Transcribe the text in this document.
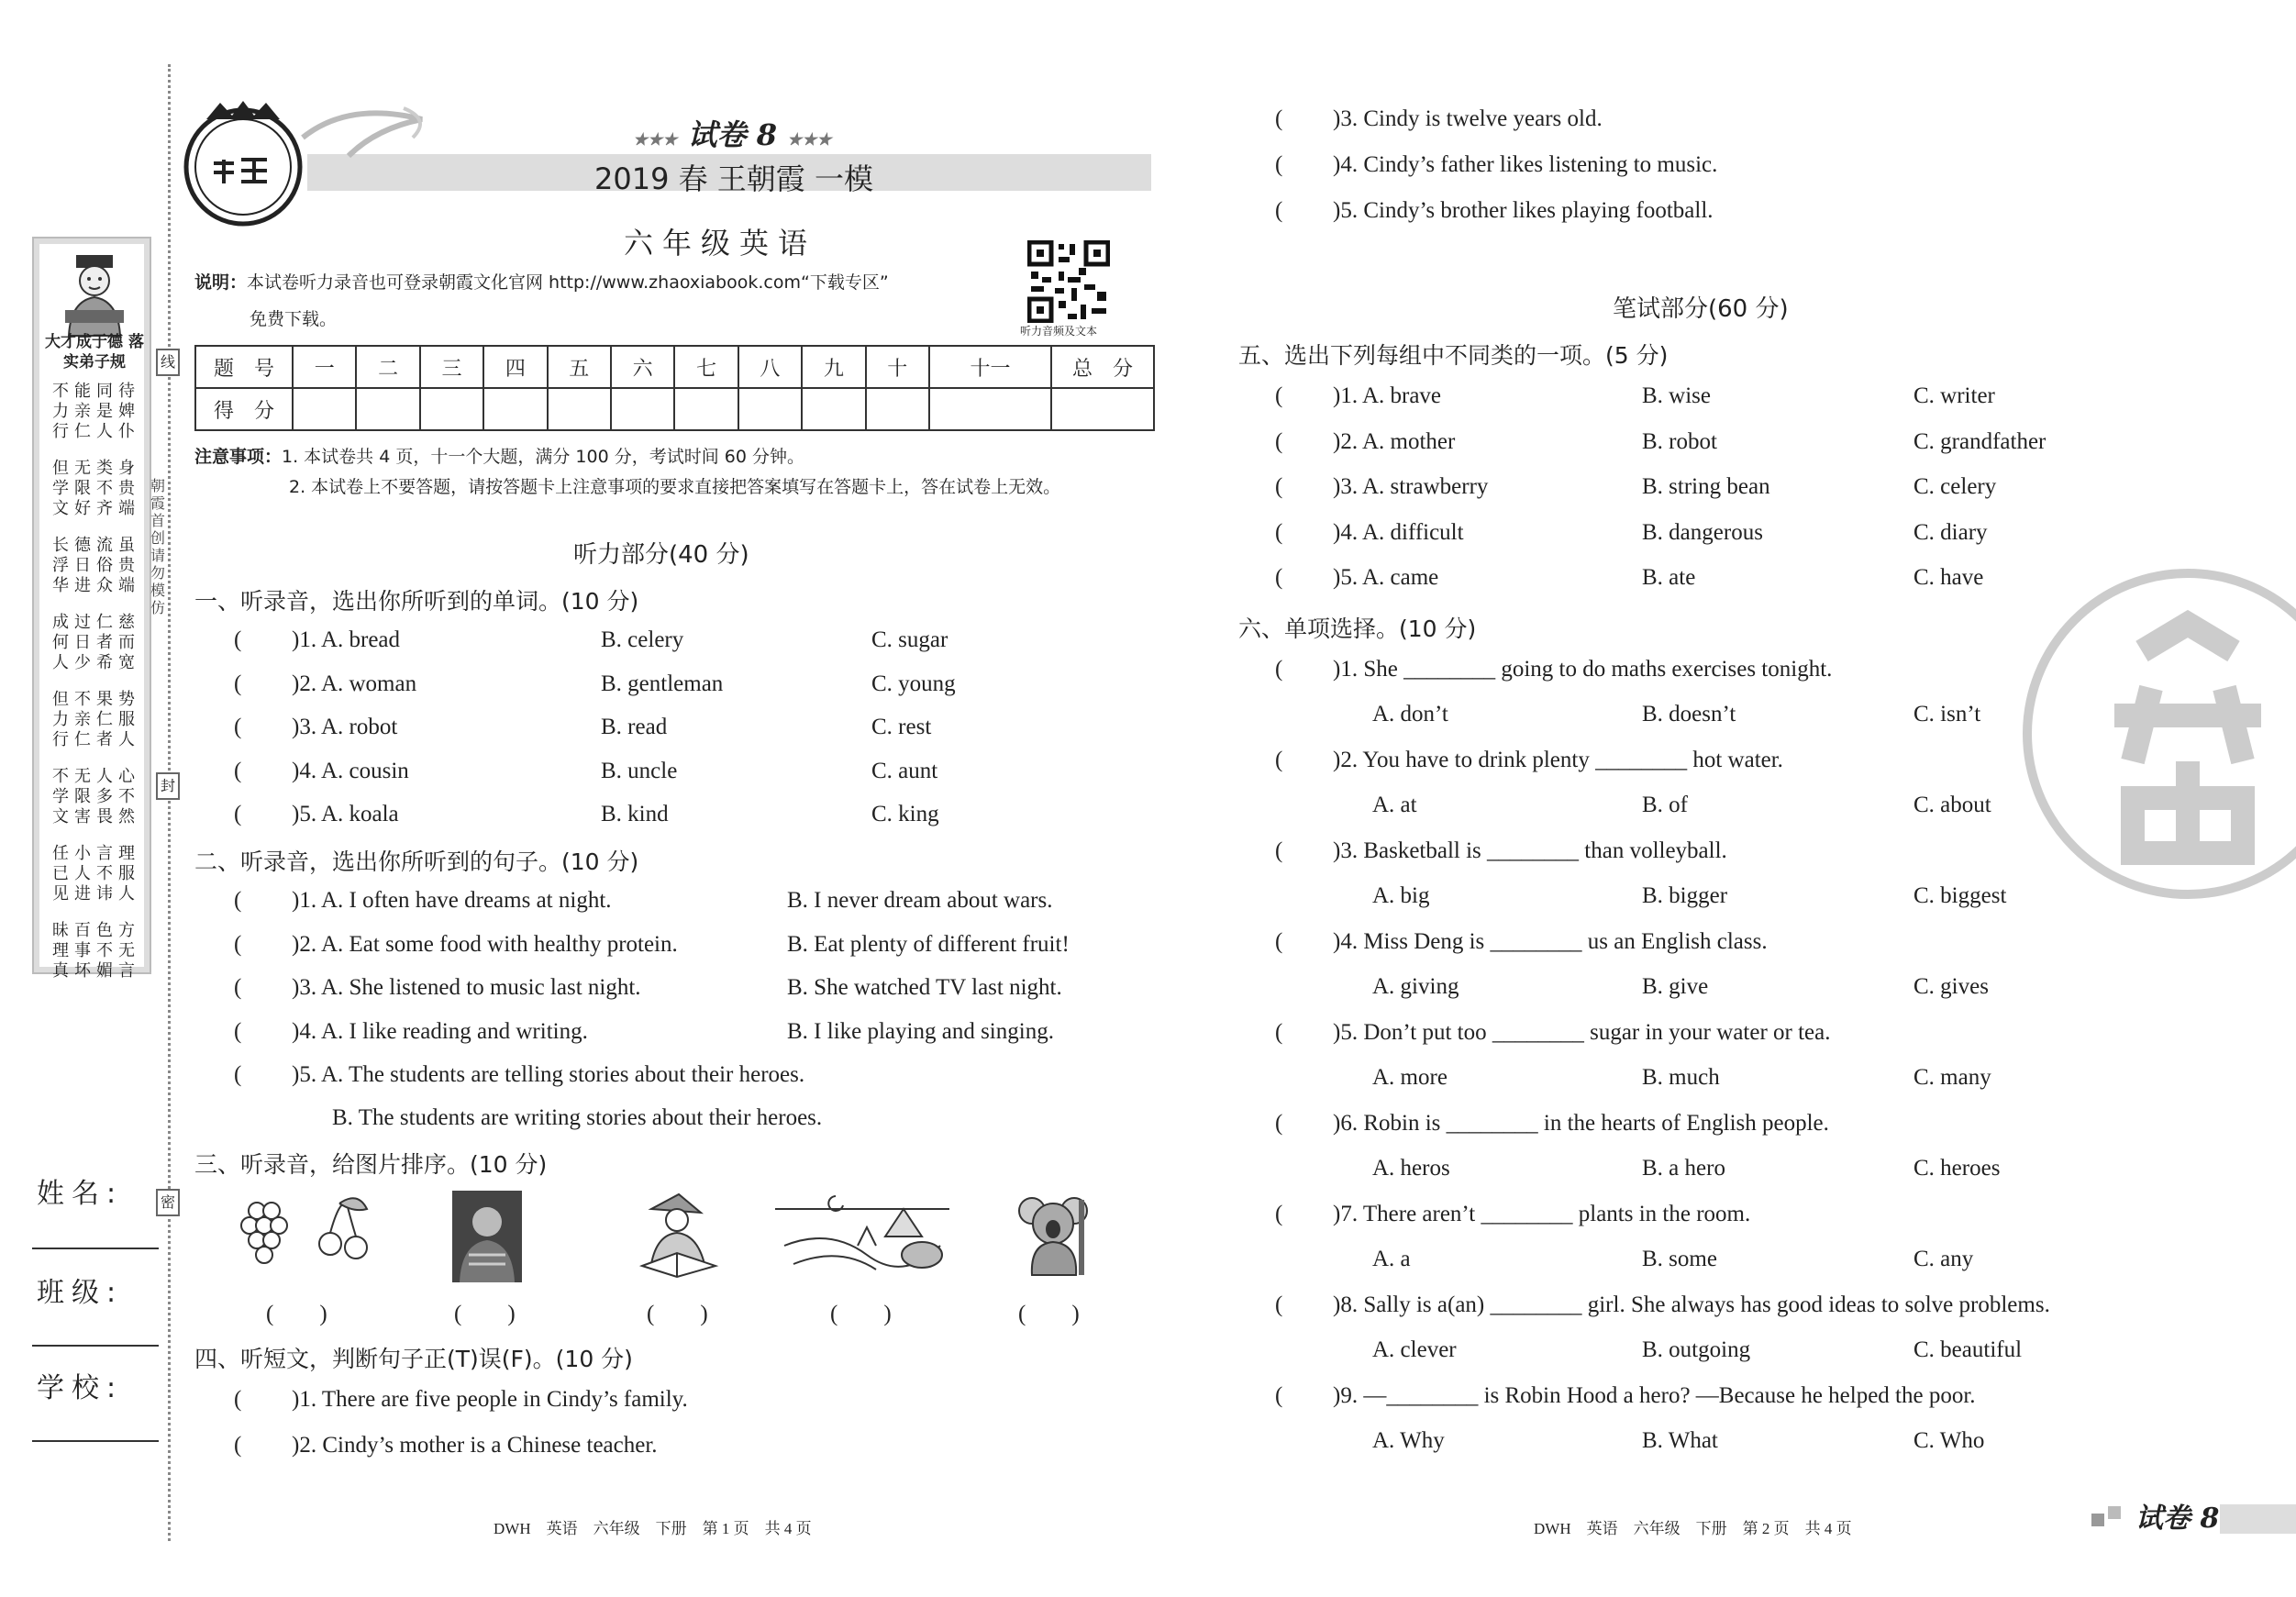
大才成于德 落实弟子规
不能同待
力亲是婢
行仁人仆
但无类身
学限不贵
文好齐端
长德流虽
浮日俗贵
华进众端
成过仁慈
何日者而
人少希宽
但不果势
力亲仁服
行仁者人
不无人心
学限多不
文害畏然
任小言理
已人不服
见进讳人
昧百色方
理事不无
真坏媚言
朝霞首创 请勿模仿
线
封
密
姓名:
班级:
学校:
★★★ 试卷 8 ★★★
2019 春 王朝霞 一模
六年级英语
说明：本试卷听力录音也可登录朝霞文化官网 http://www.zhaoxiabook.com“下载专区”
免费下载。
听力音频及文本
题　号	一	二	三	四	五	六	七	八	九	十	十一	总　分
得　分												
注意事项：1. 本试卷共 4 页，十一个大题，满分 100 分，考试时间 60 分钟。
2. 本试卷上不要答题，请按答题卡上注意事项的要求直接把答案填写在答题卡上，答在试卷上无效。
听力部分(40 分)
一、听录音，选出你所听到的单词。(10 分)
二、听录音，选出你所听到的句子。(10 分)
( )5. A. The students are telling stories about their heroes.
B. The students are writing stories about their heroes.
三、听录音，给图片排序。(10 分)
(　　)	(　　)	(　　)	(　　)	(　　)
四、听短文，判断句子正(T)误(F)。(10 分)
DWH　英语　六年级　下册　第 1 页　共 4 页
笔试部分(60 分)
五、选出下列每组中不同类的一项。(5 分)
六、单项选择。(10 分)
DWH　英语　六年级　下册　第 2 页　共 4 页	试卷 8
( )1. A. bread	B. celery	C. sugar
( )2. A. woman	B. gentleman	C. young
( )3. A. robot	B. read	C. rest
( )4. A. cousin	B. uncle	C. aunt
( )5. A. koala	B. kind	C. king
( )1. A. I often have dreams at night.	B. I never dream about wars.
( )2. A. Eat some food with healthy protein.	B. Eat plenty of different fruit!
( )3. A. She listened to music last night.	B. She watched TV last night.
( )4. A. I like reading and writing.	B. I like playing and singing.
( )1. There are five people in Cindy’s family.
( )2. Cindy’s mother is a Chinese teacher.
( )3. Cindy is twelve years old.
( )4. Cindy’s father likes listening to music.
( )5. Cindy’s brother likes playing football.
( )1. A. brave	B. wise	C. writer
( )2. A. mother	B. robot	C. grandfather
( )3. A. strawberry	B. string bean	C. celery
( )4. A. difficult	B. dangerous	C. diary
( )5. A. came	B. ate	C. have
( )1. She ________ going to do maths exercises tonight.
A. don’t	B. doesn’t	C. isn’t
( )2. You have to drink plenty ________ hot water.
A. at	B. of	C. about
( )3. Basketball is ________ than volleyball.
A. big	B. bigger	C. biggest
( )4. Miss Deng is ________ us an English class.
A. giving	B. give	C. gives
( )5. Don’t put too ________ sugar in your water or tea.
A. more	B. much	C. many
( )6. Robin is ________ in the hearts of English people.
A. heros	B. a hero	C. heroes
( )7. There aren’t ________ plants in the room.
A. a	B. some	C. any
( )8. Sally is a(an) ________ girl. She always has good ideas to solve problems.
A. clever	B. outgoing	C. beautiful
( )9. —________ is Robin Hood a hero? —Because he helped the poor.
A. Why	B. What	C. Who
